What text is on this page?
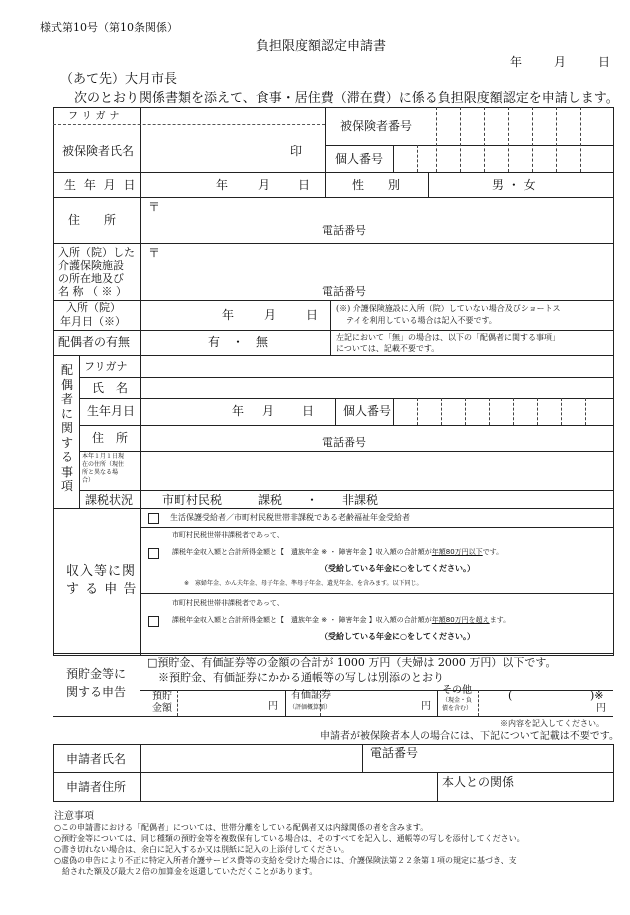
様式第10号（第10条関係）
負担限度額認定申請書
年	月	日
（あて先）大月市長
次のとおり関係書類を添えて、食事・居住費（滞在費）に係る負担限度額認定を申請します。
フリガナ
被保険者氏名	印
被保険者番号
個人番号
生 年 月 日	年 月 日	性　　別	男 ・ 女
住　　所
〒
電話番号
入所（院）した
介護保険施設
の所在地及び
名 称 （ ※ ）
〒
電話番号
入所（院）
年月日（※）	年 月 日 (※) 介護保険施設に入所（院）していない場合及びショートス
テイを利用している場合は記入不要です。
配偶者の有無	有　・　無	左記において「無」の場合は、以下の「配偶者に関する事項」
については、記載不要です。
配偶者に関する事項
フリガナ
氏　名
生年月日	年 月 日 個人番号
住　所	電話番号
本年１月１日現
在の住所（現住
所と異なる場
合）
課税状況 市町村民税　　　課税　　・　　非課税
収入等に関
す る 申 告
生活保護受給者／市町村民税世帯非課税である老齢福祉年金受給者
市町村民税世帯非課税者であって、
課税年金収入額と合計所得金額と【　遺族年金 ※ ・ 障害年金 】収入額の合計額が年額80万円以下です。
（受給している年金に○をしてください。）
※　寡婦年金、かん夫年金、母子年金、準母子年金、遺児年金、を含みます。以下同じ。
市町村民税世帯非課税者であって、
課税年金収入額と合計所得金額と【　遺族年金 ※ ・ 障害年金 】収入額の合計額が年額80万円を超えます。
（受給している年金に○をしてください。）
預貯金等に
関する申告
□預貯金、有価証券等の金額の合計が 1000 万円（夫婦は 2000 万円）以下です。
※預貯金、有価証券にかかる通帳等の写しは別添のとおり
預貯
金額	円
有価証券
（評価概算額）	円
その他
（現金・負
債を含む）
(	)※
円
※内容を記入してください。
申請者が被保険者本人の場合には、下記について記載は不要です。
申請者氏名	電話番号
申請者住所	本人との関係
注意事項
○この申請書における「配偶者」については、世帯分離をしている配偶者又は内縁関係の者を含みます。
○預貯金等については、同じ種類の預貯金等を複数保有している場合は、そのすべてを記入し、通帳等の写しを添付してください。
○書き切れない場合は、余白に記入するか又は別紙に記入の上添付してください。
○虚偽の申告により不正に特定入所者介護サービス費等の支給を受けた場合には、介護保険法第２２条第１項の規定に基づき、支
給された額及び最大２倍の加算金を返還していただくことがあります。
